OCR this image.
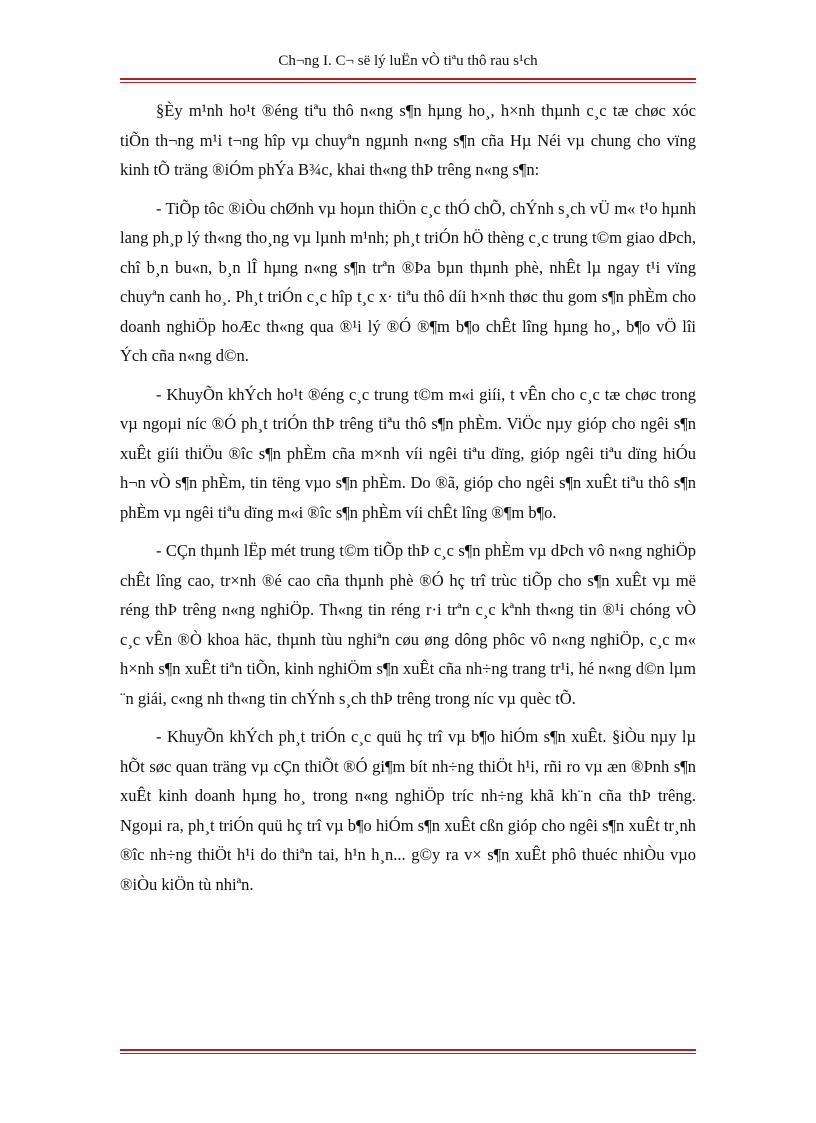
Ch¬ng I. C¬ së lý luËn vÒ tiªu thô rau s¹ch

§Èy m¹nh ho¹t ®éng tiªu thô n«ng s¶n hµng ho¸, h×nh thµnh c¸c tæ chøc xóc tiÕn th¬ng m¹i t¬ng hîp vµ chuyªn ngµnh n«ng s¶n cña Hµ Néi vµ chung cho vïng kinh tÕ träng ®iÓm phÝa B¾c, khai th«ng thÞ trêng n«ng s¶n:

- TiÕp tôc ®iÒu chØnh vµ hoµn thiÖn c¸c thÓ chÕ, chÝnh s¸ch vÜ m« t¹o hµnh lang ph¸p lý th«ng tho¸ng vµ lµnh m¹nh; ph¸t triÓn hÖ thèng c¸c trung t©m giao dÞch, chî b¸n bu«n, b¸n lÎ hµng n«ng s¶n trªn ®Þa bµn thµnh phè, nhÊt lµ ngay t¹i vïng chuyªn canh ho¸. Ph¸t triÓn c¸c hîp t¸c x· tiªu thô díi h×nh thøc thu gom s¶n phÈm cho doanh nghiÖp hoÆc th«ng qua ®¹i lý ®Ó ®¶m b¶o chÊt lîng hµng ho¸, b¶o vÖ lîi Ých cña n«ng d©n.

- KhuyÕn khÝch ho¹t ®éng c¸c trung t©m m«i giíi, t vÊn cho c¸c tæ chøc trong vµ ngoµi níc ®Ó ph¸t triÓn thÞ trêng tiªu thô s¶n phÈm. ViÖc nµy gióp cho ngêi s¶n xuÊt giíi thiÖu ®îc s¶n phÈm cña m×nh víi ngêi tiªu dïng, gióp ngêi tiªu dïng hiÓu h¬n vÒ s¶n phÈm, tin tëng vµo s¶n phÈm. Do ®ã, gióp cho ngêi s¶n xuÊt tiªu thô s¶n phÈm vµ ngêi tiªu dïng m«i ®îc s¶n phÈm víi chÊt lîng ®¶m b¶o.

- CÇn thµnh lËp mét trung t©m tiÕp thÞ c¸c s¶n phÈm vµ dÞch vô n«ng nghiÖp chÊt lîng cao, tr×nh ®é cao cña thµnh phè ®Ó hç trî trùc tiÕp cho s¶n xuÊt vµ më réng thÞ trêng n«ng nghiÖp. Th«ng tin réng r·i trªn c¸c kªnh th«ng tin ®¹i chóng vÒ c¸c vÊn ®Ò khoa häc, thµnh tùu nghiªn cøu øng dông phôc vô n«ng nghiÖp, c¸c m« h×nh s¶n xuÊt tiªn tiÕn, kinh nghiÖm s¶n xuÊt cña nh÷ng trang tr¹i, hé n«ng d©n lµm ¨n giái, c«ng nh th«ng tin chÝnh s¸ch thÞ trêng trong níc vµ quèc tÕ.

- KhuyÕn khÝch ph¸t triÓn c¸c quü hç trî vµ b¶o hiÓm s¶n xuÊt. §iÒu nµy lµ hÕt søc quan träng vµ cÇn thiÕt ®Ó gi¶m bít nh÷ng thiÖt h¹i, rñi ro vµ æn ®Þnh s¶n xuÊt kinh doanh hµng ho¸ trong n«ng nghiÖp tríc nh÷ng khã kh¨n cña thÞ trêng. Ngoµi ra, ph¸t triÓn quü hç trî vµ b¶o hiÓm s¶n xuÊt cßn gióp cho ngêi s¶n xuÊt tr¸nh ®îc nh÷ng thiÖt h¹i do thiªn tai, h¹n h¸n... g©y ra v× s¶n xuÊt phô thuéc nhiÒu vµo ®iÒu kiÖn tù nhiªn.
